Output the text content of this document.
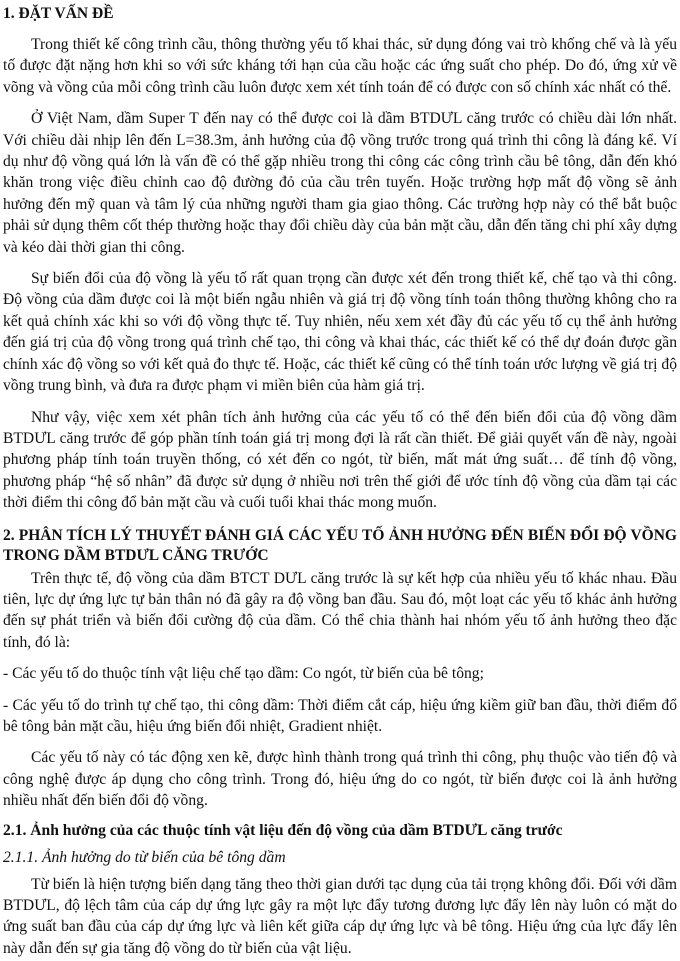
1. ĐẶT VẤN ĐỀ

Trong thiết kế công trình cầu, thông thường yếu tố khai thác, sử dụng đóng vai trò khống chế và là yếu tố được đặt nặng hơn khi so với sức kháng tới hạn của cầu hoặc các ứng suất cho phép. Do đó, ứng xử về võng và vồng của mỗi công trình cầu luôn được xem xét tính toán để có được con số chính xác nhất có thể.

Ở Việt Nam, dầm Super T đến nay có thể được coi là dầm BTDƯL căng trước có chiều dài lớn nhất. Với chiều dài nhịp lên đến L=38.3m, ảnh hưởng của độ vồng trước trong quá trình thi công là đáng kể. Ví dụ như độ vồng quá lớn là vấn đề có thể gặp nhiều trong thi công các công trình cầu bê tông, dẫn đến khó khăn trong việc điều chỉnh cao độ đường đỏ của cầu trên tuyến. Hoặc trường hợp mất độ vồng sẽ ảnh hưởng đến mỹ quan và tâm lý của những người tham gia giao thông. Các trường hợp này có thể bắt buộc phải sử dụng thêm cốt thép thường hoặc thay đổi chiều dày của bản mặt cầu, dẫn đến tăng chi phí xây dựng và kéo dài thời gian thi công.

Sự biến đổi của độ vồng là yếu tố rất quan trọng cần được xét đến trong thiết kế, chế tạo và thi công. Độ vồng của dầm được coi là một biến ngẫu nhiên và giá trị độ vồng tính toán thông thường không cho ra kết quả chính xác khi so với độ vồng thực tế. Tuy nhiên, nếu xem xét đầy đủ các yếu tố cụ thể ảnh hưởng đến giá trị của độ vồng trong quá trình chế tạo, thi công và khai thác, các thiết kế có thể dự đoán được gần chính xác độ vồng so với kết quả đo thực tế. Hoặc, các thiết kế cũng có thể tính toán ước lượng về giá trị độ vồng trung bình, và đưa ra được phạm vi miền biên của hàm giá trị.

Như vậy, việc xem xét phân tích ảnh hưởng của các yếu tố có thể đến biến đổi của độ vồng dầm BTDƯL căng trước để góp phần tính toán giá trị mong đợi là rất cần thiết. Để giải quyết vấn đề này, ngoài phương pháp tính toán truyền thống, có xét đến co ngót, từ biến, mất mát ứng suất… để tính độ vồng, phương pháp “hệ số nhân” đã được sử dụng ở nhiều nơi trên thế giới để ước tính độ vồng của dầm tại các thời điểm thi công đổ bản mặt cầu và cuối tuổi khai thác mong muốn.

2. PHÂN TÍCH LÝ THUYẾT ĐÁNH GIÁ CÁC YẾU TỐ ẢNH HƯỞNG ĐẾN BIẾN ĐỔI ĐỘ VỒNG TRONG DẦM BTDƯL CĂNG TRƯỚC

Trên thực tế, độ vồng của dầm BTCT DƯL căng trước là sự kết hợp của nhiều yếu tố khác nhau. Đầu tiên, lực dự ứng lực tự bản thân nó đã gây ra độ vồng ban đầu. Sau đó, một loạt các yếu tố khác ảnh hưởng đến sự phát triển và biến đổi cường độ của dầm. Có thể chia thành hai nhóm yếu tố ảnh hưởng theo đặc tính, đó là:

- Các yếu tố do thuộc tính vật liệu chế tạo dầm: Co ngót, từ biến của bê tông;

- Các yếu tố do trình tự chế tạo, thi công dầm: Thời điểm cắt cáp, hiệu ứng kiềm giữ ban đầu, thời điểm đổ bê tông bản mặt cầu, hiệu ứng biến đổi nhiệt, Gradient nhiệt.

Các yếu tố này có tác động xen kẽ, được hình thành trong quá trình thi công, phụ thuộc vào tiến độ và công nghệ được áp dụng cho công trình. Trong đó, hiệu ứng do co ngót, từ biến được coi là ảnh hưởng nhiều nhất đến biến đổi độ vồng.

2.1. Ảnh hưởng của các thuộc tính vật liệu đến độ vồng của dầm BTDƯL căng trước
2.1.1. Ảnh hưởng do từ biến của bê tông dầm

Từ biến là hiện tượng biến dạng tăng theo thời gian dưới tạc dụng của tải trọng không đổi. Đối với dầm BTDƯL, độ lệch tâm của cáp dự ứng lực gây ra một lực đẩy tương đương lực đẩy lên này luôn có mặt do ứng suất ban đầu của cáp dự ứng lực và liên kết giữa cáp dự ứng lực và bê tông. Hiệu ứng của lực đẩy lên này dẫn đến sự gia tăng độ vồng do từ biến của vật liệu.
